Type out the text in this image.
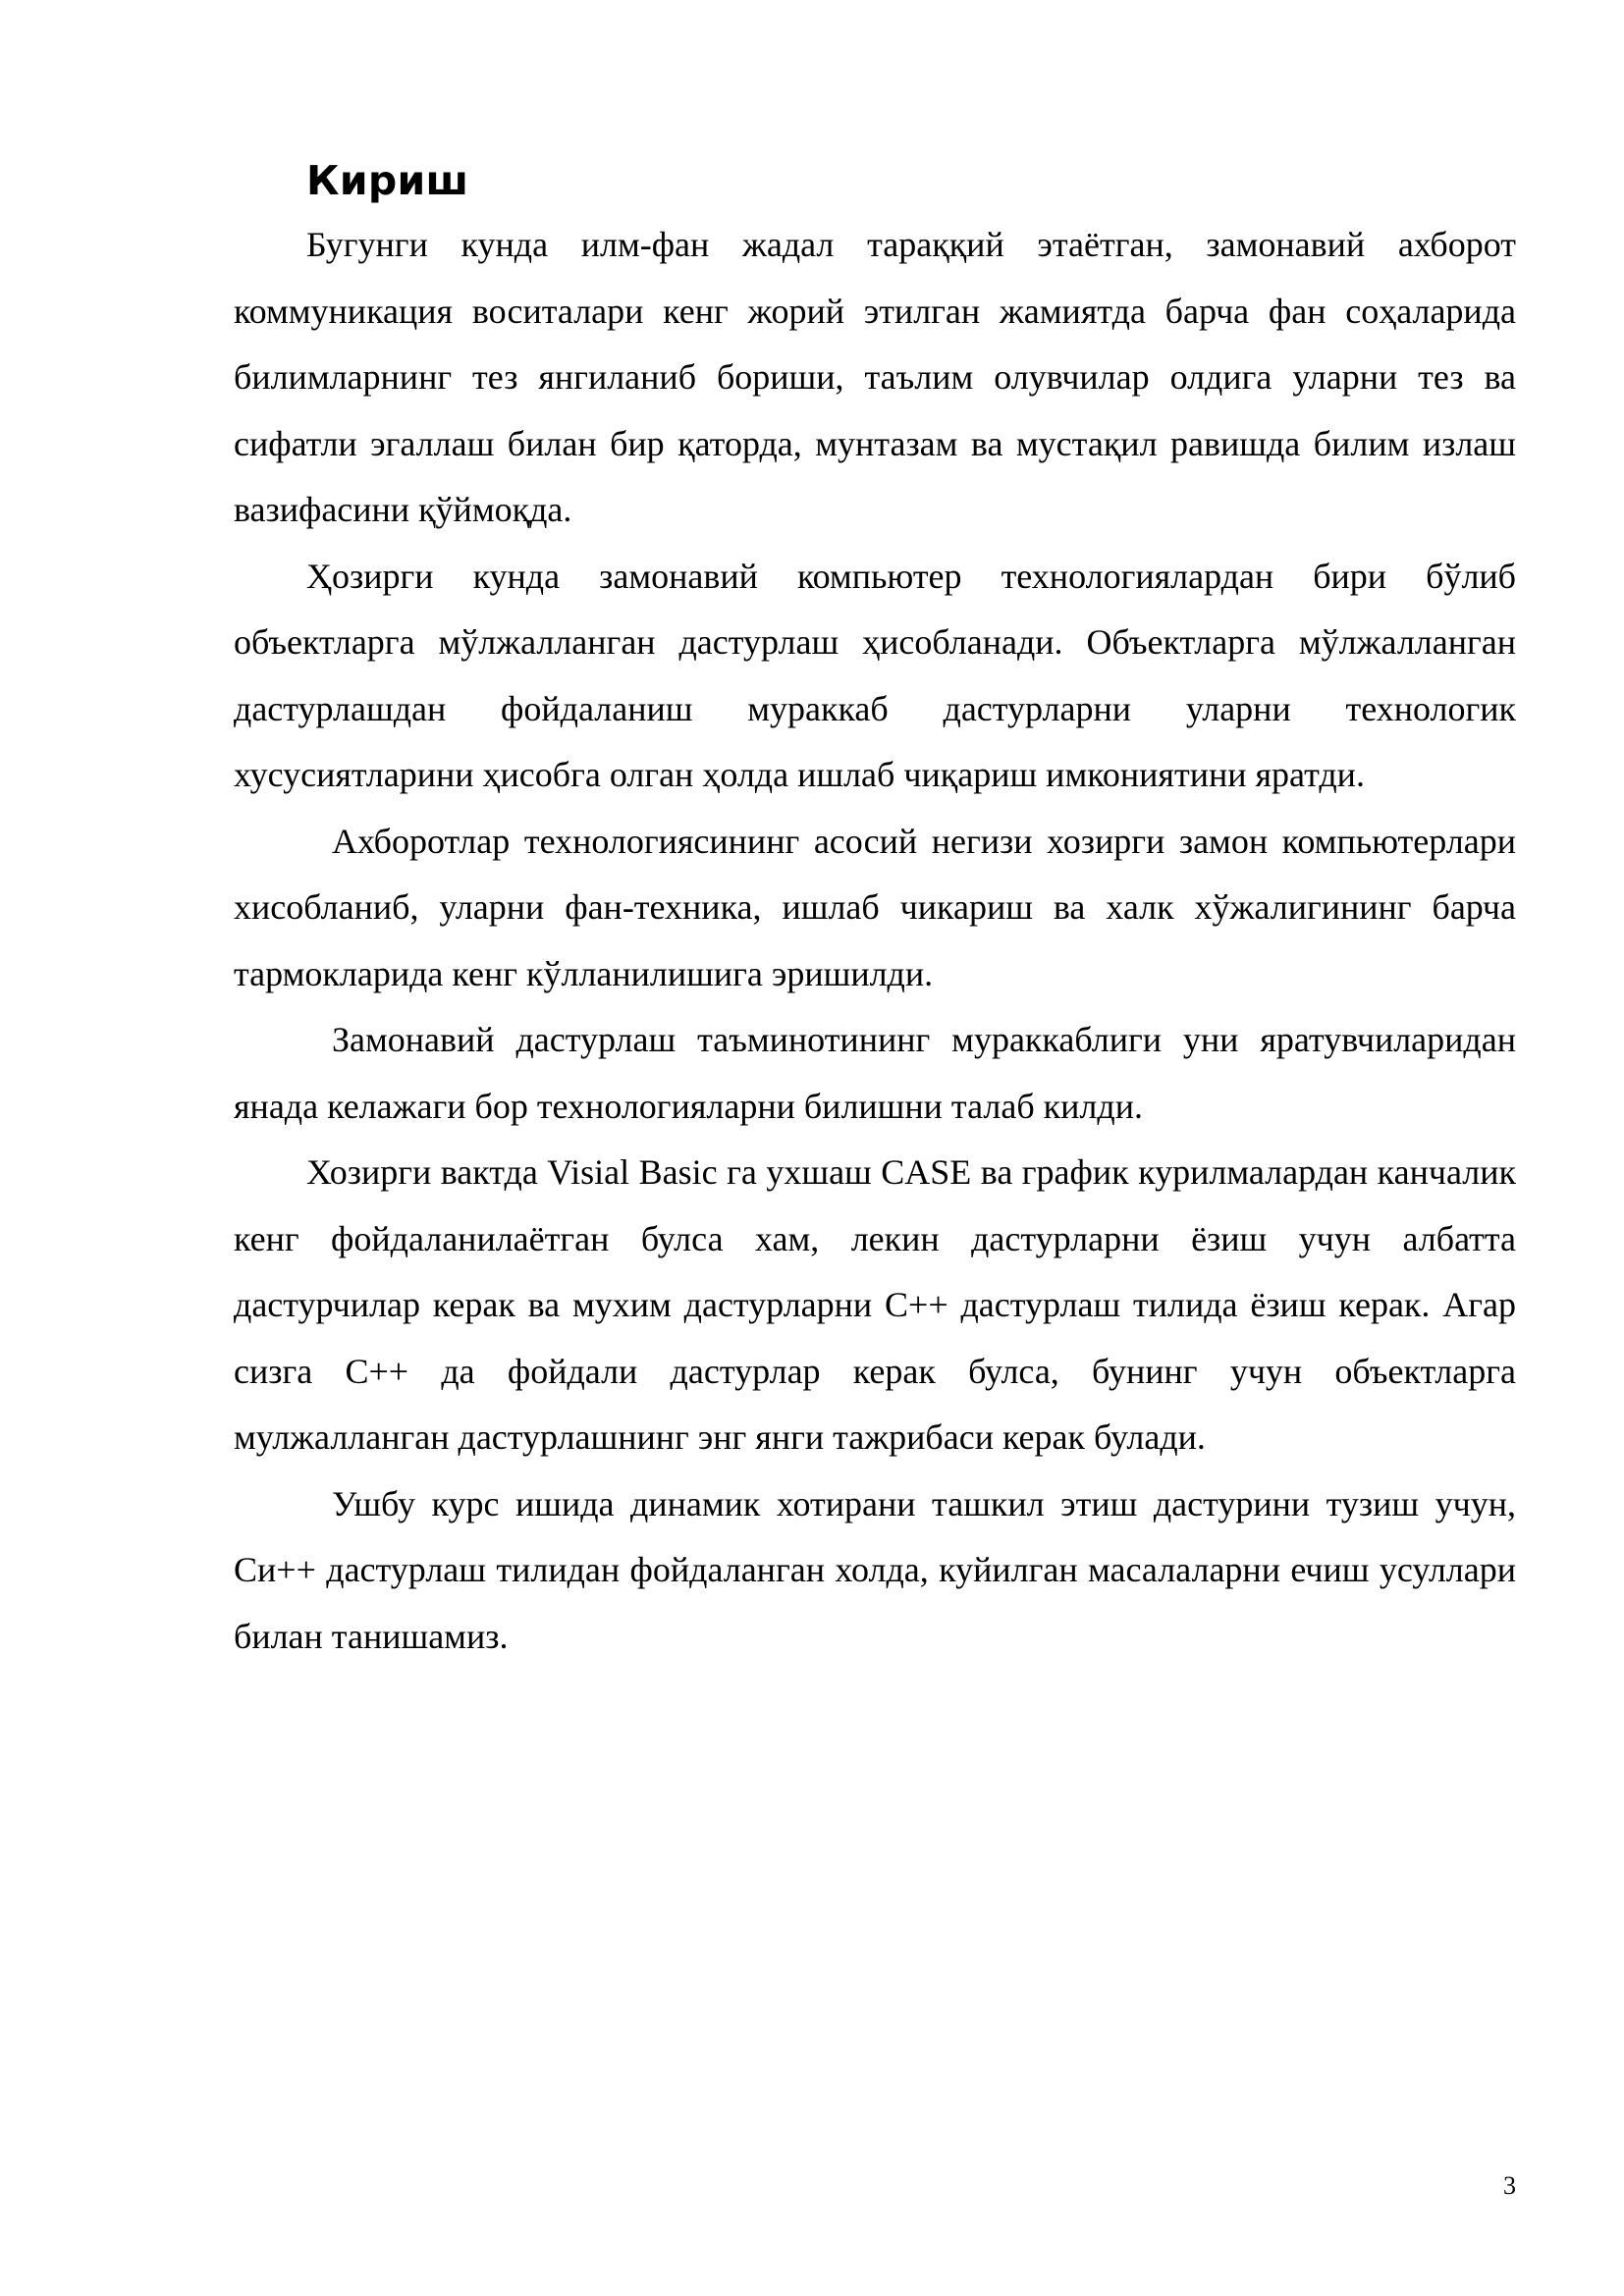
Кириш

Бугунги кунда илм-фан жадал тараққий этаётган, замонавий ахборот коммуникация воситалари кенг жорий этилган жамиятда барча фан соҳаларида билимларнинг тез янгиланиб бориши, таълим олувчилар олдига уларни тез ва сифатли эгаллаш билан бир қаторда, мунтазам ва мустақил равишда билим излаш вазифасини қўймоқда.

Ҳозирги кунда замонавий компьютер технологиялардан бири бўлиб объектларга мўлжалланган дастурлаш ҳисобланади. Объектларга мўлжалланган дастурлашдан фойдаланиш мураккаб дастурларни уларни технологик хусусиятларини ҳисобга олган ҳолда ишлаб чиқариш имкониятини яратди.

Ахборотлар технологиясининг асосий негизи хозирги замон компьютерлари хисобланиб, уларни фан-техника, ишлаб чикариш ва халк хўжалигининг барча тармокларида кенг кўлланилишига эришилди.

Замонавий дастурлаш таъминотининг мураккаблиги уни яратувчиларидан янада келажаги бор технологияларни билишни талаб килди.

Хозирги вактда Visial Basic га ухшаш CASE ва график курилмалардан канчалик кенг фойдаланилаётган булса хам, лекин дастурларни ёзиш учун албатта дастурчилар керак ва мухим дастурларни С++ дастурлаш тилида ёзиш керак. Агар сизга С++ да фойдали дастурлар керак булса, бунинг учун объектларга мулжалланган дастурлашнинг энг янги тажрибаси керак булади.

Ушбу курс ишида динамик хотирани ташкил этиш дастурини тузиш учун, Си++ дастурлаш тилидан фойдаланган холда, куйилган масалаларни ечиш усуллари билан танишамиз.

3
